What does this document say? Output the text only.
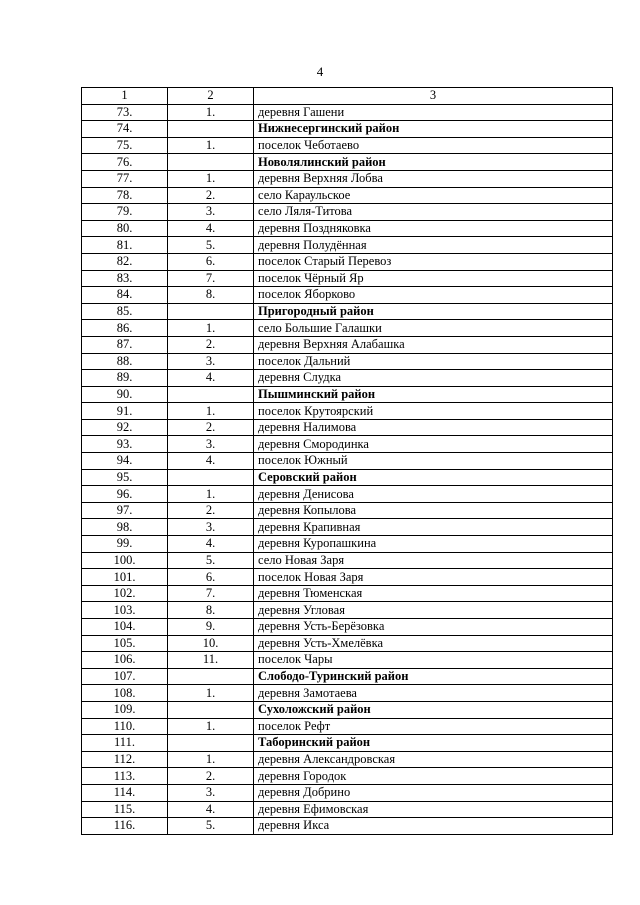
4
1	2	3
73.	1.	деревня Гашени
74.		Нижнесергинский район
75.	1.	поселок Чеботаево
76.		Новолялинский район
77.	1.	деревня Верхняя Лобва
78.	2.	село Караульское
79.	3.	село Ляля-Титова
80.	4.	деревня Поздняковка
81.	5.	деревня Полудённая
82.	6.	поселок Старый Перевоз
83.	7.	поселок Чёрный Яр
84.	8.	поселок Яборково
85.		Пригородный район
86.	1.	село Большие Галашки
87.	2.	деревня Верхняя Алабашка
88.	3.	поселок Дальний
89.	4.	деревня Слудка
90.		Пышминский район
91.	1.	поселок Крутоярский
92.	2.	деревня Налимова
93.	3.	деревня Смородинка
94.	4.	поселок Южный
95.		Серовский район
96.	1.	деревня Денисова
97.	2.	деревня Копылова
98.	3.	деревня Крапивная
99.	4.	деревня Куропашкина
100.	5.	село Новая Заря
101.	6.	поселок Новая Заря
102.	7.	деревня Тюменская
103.	8.	деревня Угловая
104.	9.	деревня Усть-Берёзовка
105.	10.	деревня Усть-Хмелёвка
106.	11.	поселок Чары
107.		Слободо-Туринский район
108.	1.	деревня Замотаева
109.		Сухоложский район
110.	1.	поселок Рефт
111.		Таборинский район
112.	1.	деревня Александровская
113.	2.	деревня Городок
114.	3.	деревня Добрино
115.	4.	деревня Ефимовская
116.	5.	деревня Икса
